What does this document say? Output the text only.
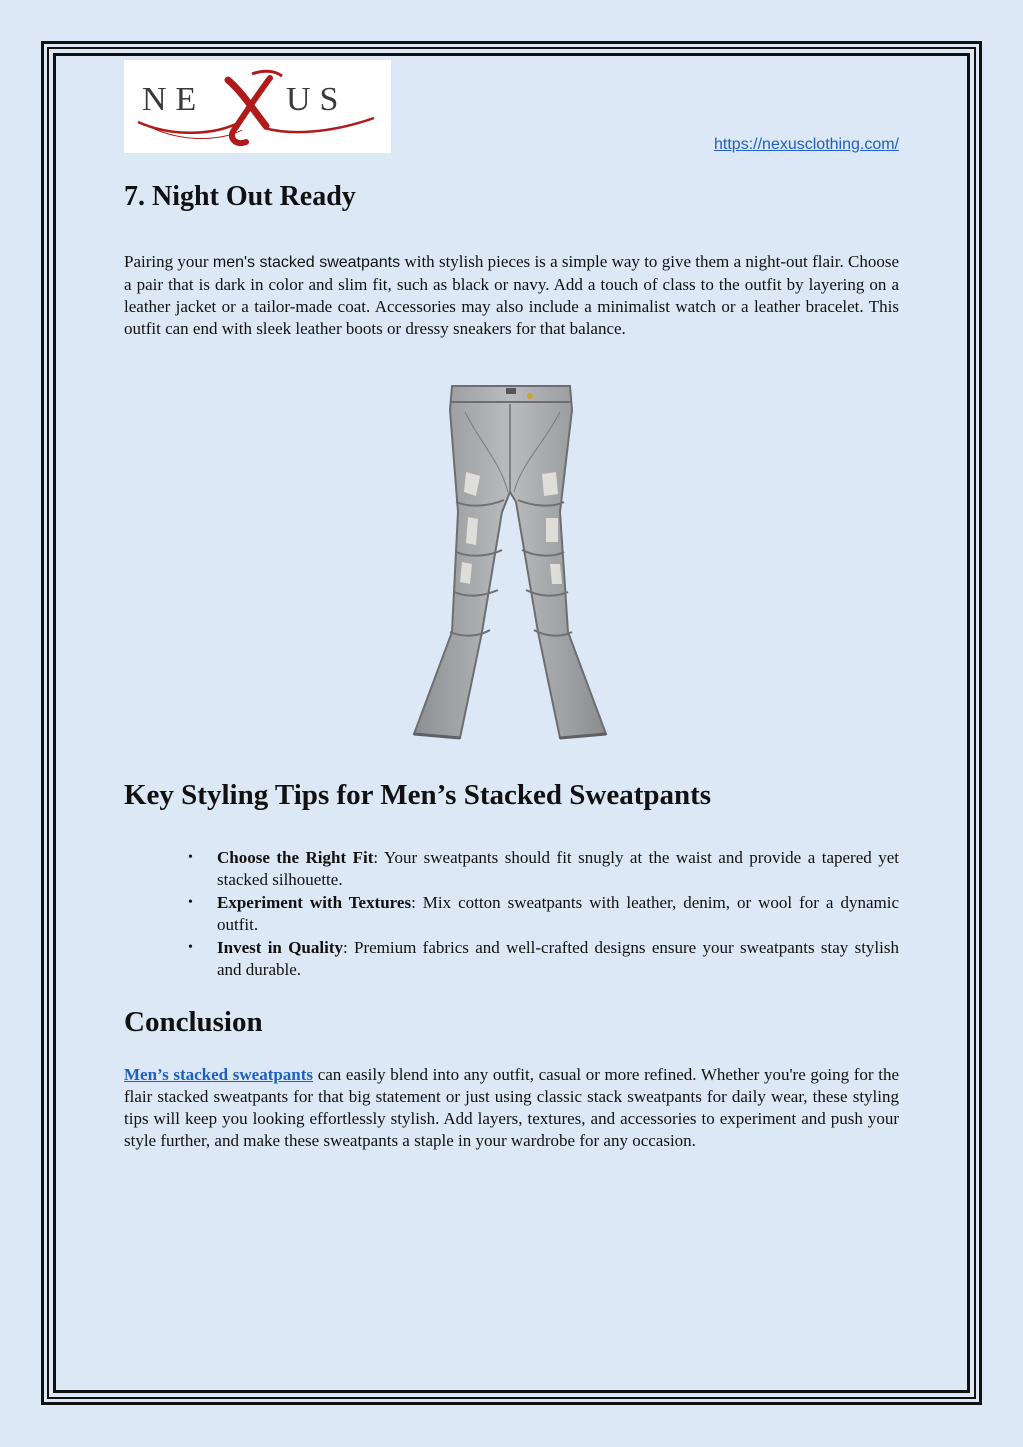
NE US
https://nexusclothing.com/
7. Night Out Ready

Pairing your men's stacked sweatpants with stylish pieces is a simple way to give them a night-out flair. Choose a pair that is dark in color and slim fit, such as black or navy. Add a touch of class to the outfit by layering on a leather jacket or a tailor-made coat. Accessories may also include a minimalist watch or a leather bracelet. This outfit can end with sleek leather boots or dressy sneakers for that balance.

Key Styling Tips for Men’s Stacked Sweatpants
• Choose the Right Fit: Your sweatpants should fit snugly at the waist and provide a tapered yet stacked silhouette.
• Experiment with Textures: Mix cotton sweatpants with leather, denim, or wool for a dynamic outfit.
• Invest in Quality: Premium fabrics and well-crafted designs ensure your sweatpants stay stylish and durable.
Conclusion

Men’s stacked sweatpants can easily blend into any outfit, casual or more refined. Whether you're going for the flair stacked sweatpants for that big statement or just using classic stack sweatpants for daily wear, these styling tips will keep you looking effortlessly stylish. Add layers, textures, and accessories to experiment and push your style further, and make these sweatpants a staple in your wardrobe for any occasion.
